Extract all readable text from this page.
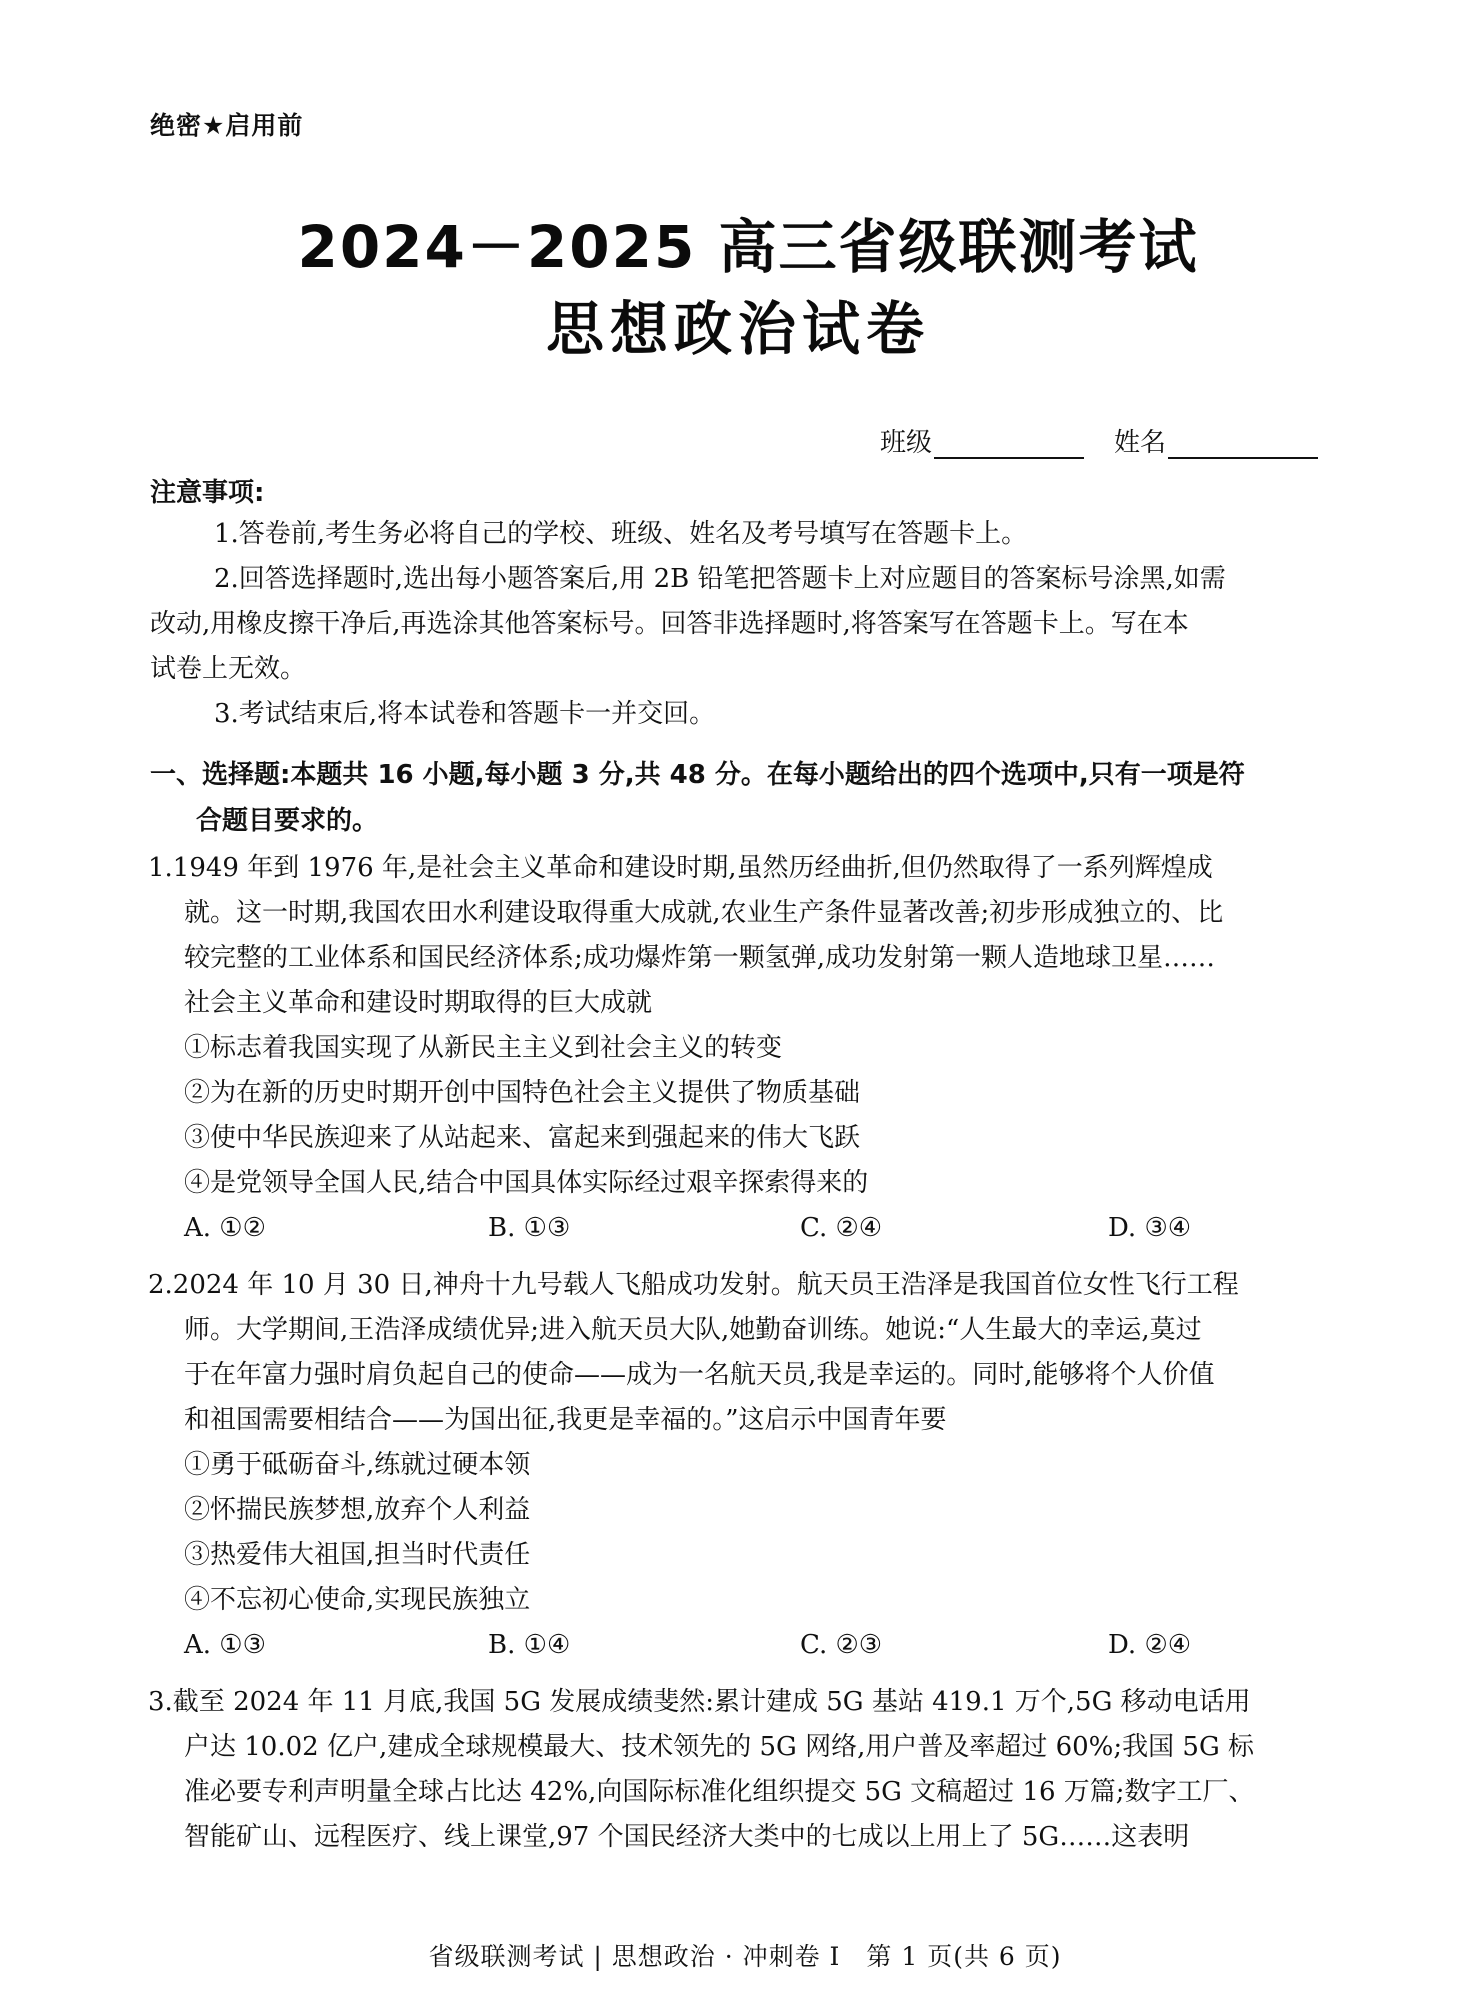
绝密★启用前
2024－2025 高三省级联测考试
思想政治试卷
班级	姓名
注意事项:
1.答卷前,考生务必将自己的学校、班级、姓名及考号填写在答题卡上。
2.回答选择题时,选出每小题答案后,用 2B 铅笔把答题卡上对应题目的答案标号涂黑,如需
改动,用橡皮擦干净后,再选涂其他答案标号。回答非选择题时,将答案写在答题卡上。写在本
试卷上无效。
3.考试结束后,将本试卷和答题卡一并交回。
一、选择题:本题共 16 小题,每小题 3 分,共 48 分。在每小题给出的四个选项中,只有一项是符
合题目要求的。
1.1949 年到 1976 年,是社会主义革命和建设时期,虽然历经曲折,但仍然取得了一系列辉煌成
就。这一时期,我国农田水利建设取得重大成就,农业生产条件显著改善;初步形成独立的、比
较完整的工业体系和国民经济体系;成功爆炸第一颗氢弹,成功发射第一颗人造地球卫星……
社会主义革命和建设时期取得的巨大成就
①标志着我国实现了从新民主主义到社会主义的转变
②为在新的历史时期开创中国特色社会主义提供了物质基础
③使中华民族迎来了从站起来、富起来到强起来的伟大飞跃
④是党领导全国人民,结合中国具体实际经过艰辛探索得来的
A. ①②	B. ①③	C. ②④	D. ③④
2.2024 年 10 月 30 日,神舟十九号载人飞船成功发射。航天员王浩泽是我国首位女性飞行工程
师。大学期间,王浩泽成绩优异;进入航天员大队,她勤奋训练。她说:“人生最大的幸运,莫过
于在年富力强时肩负起自己的使命——成为一名航天员,我是幸运的。同时,能够将个人价值
和祖国需要相结合——为国出征,我更是幸福的。”这启示中国青年要
①勇于砥砺奋斗,练就过硬本领
②怀揣民族梦想,放弃个人利益
③热爱伟大祖国,担当时代责任
④不忘初心使命,实现民族独立
A. ①③	B. ①④	C. ②③	D. ②④
3.截至 2024 年 11 月底,我国 5G 发展成绩斐然:累计建成 5G 基站 419.1 万个,5G 移动电话用
户达 10.02 亿户,建成全球规模最大、技术领先的 5G 网络,用户普及率超过 60%;我国 5G 标
准必要专利声明量全球占比达 42%,向国际标准化组织提交 5G 文稿超过 16 万篇;数字工厂、
智能矿山、远程医疗、线上课堂,97 个国民经济大类中的七成以上用上了 5G……这表明
省级联测考试 | 思想政治 · 冲刺卷 Ⅰ　第 1 页(共 6 页)
